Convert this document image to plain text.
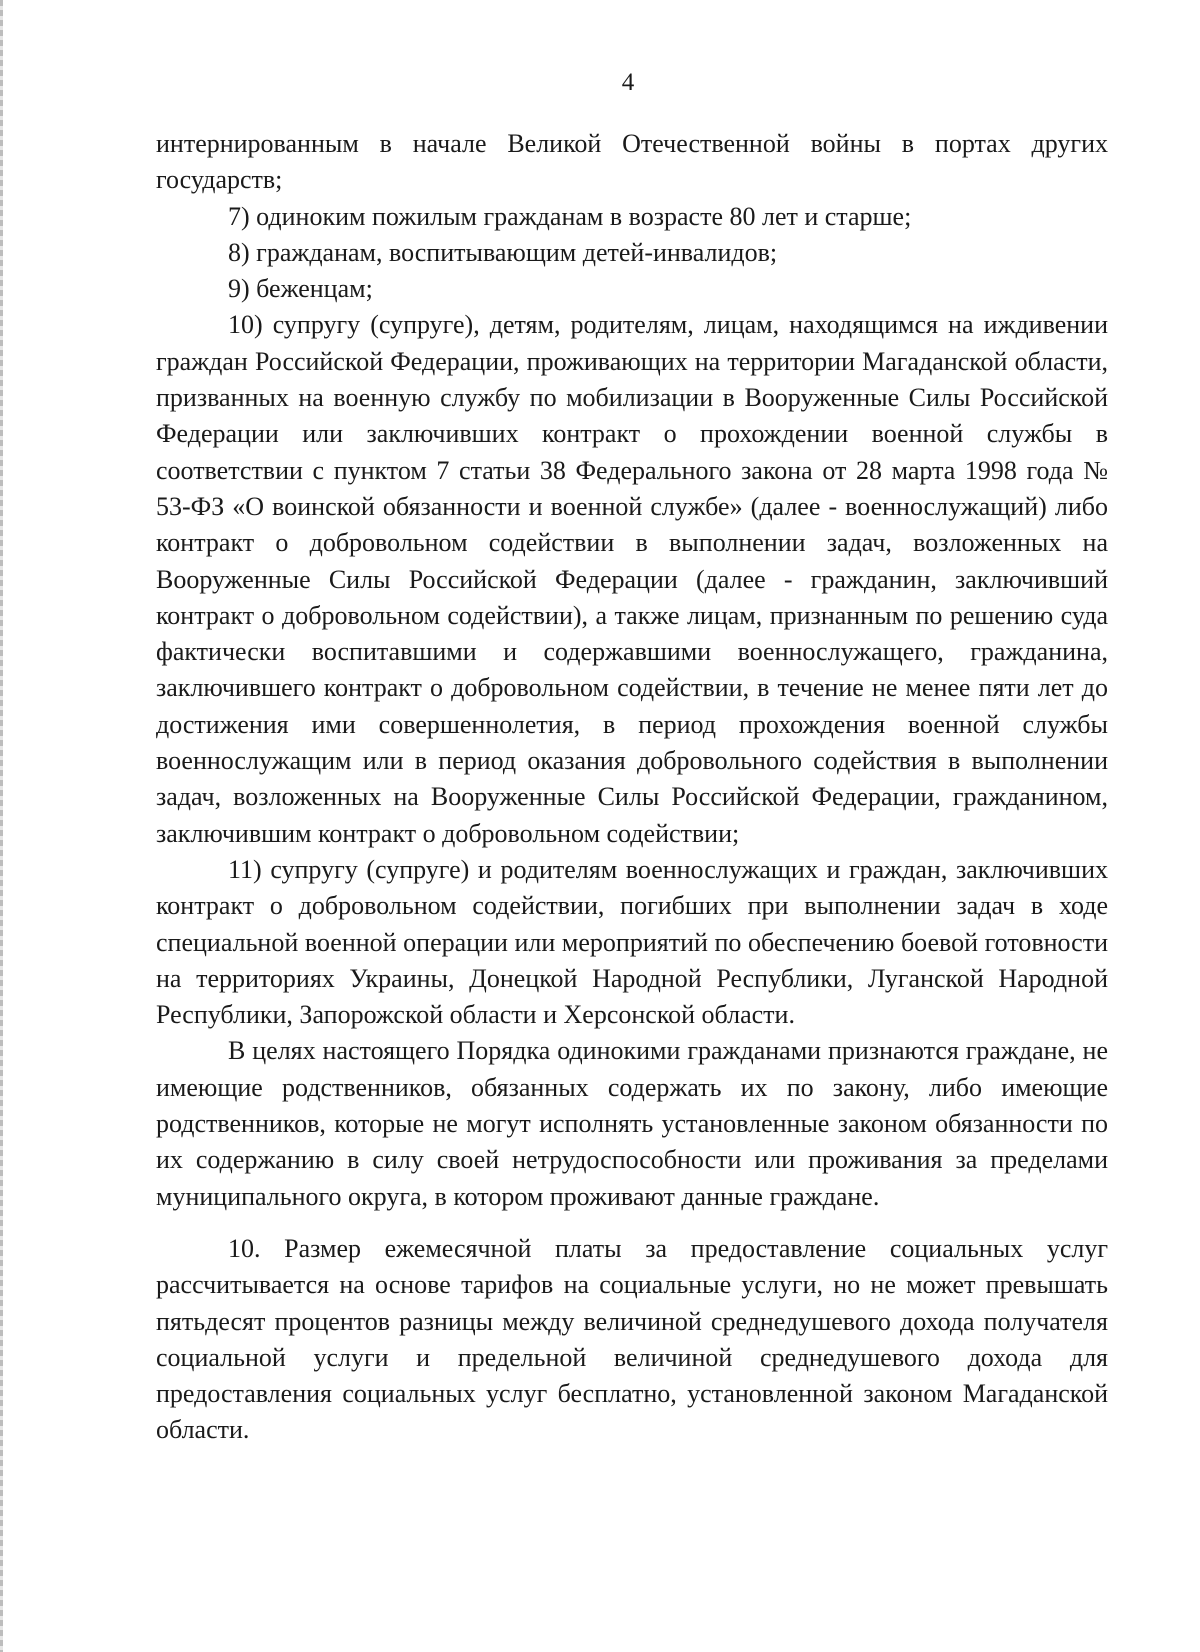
4

интернированным в начале Великой Отечественной войны в портах других государств;

7) одиноким пожилым гражданам в возрасте 80 лет и старше;

8) гражданам, воспитывающим детей-инвалидов;

9) беженцам;

10) супругу (супруге), детям, родителям, лицам, находящимся на иждивении граждан Российской Федерации, проживающих на территории Магаданской области, призванных на военную службу по мобилизации в Вооруженные Силы Российской Федерации или заключивших контракт о прохождении военной службы в соответствии с пунктом 7 статьи 38 Федерального закона от 28 марта 1998 года № 53-ФЗ «О воинской обязанности и военной службе» (далее - военнослужащий) либо контракт о добровольном содействии в выполнении задач, возложенных на Вооруженные Силы Российской Федерации (далее - гражданин, заключивший контракт о добровольном содействии), а также лицам, признанным по решению суда фактически воспитавшими и содержавшими военнослужащего, гражданина, заключившего контракт о добровольном содействии, в течение не менее пяти лет до достижения ими совершеннолетия, в период прохождения военной службы военнослужащим или в период оказания добровольного содействия в выполнении задач, возложенных на Вооруженные Силы Российской Федерации, гражданином, заключившим контракт о добровольном содействии;

11) супругу (супруге) и родителям военнослужащих и граждан, заключивших контракт о добровольном содействии, погибших при выполнении задач в ходе специальной военной операции или мероприятий по обеспечению боевой готовности на территориях Украины, Донецкой Народной Республики, Луганской Народной Республики, Запорожской области и Херсонской области.

В целях настоящего Порядка одинокими гражданами признаются граждане, не имеющие родственников, обязанных содержать их по закону, либо имеющие родственников, которые не могут исполнять установленные законом обязанности по их содержанию в силу своей нетрудоспособности или проживания за пределами муниципального округа, в котором проживают данные граждане.

10. Размер ежемесячной платы за предоставление социальных услуг рассчитывается на основе тарифов на социальные услуги, но не может превышать пятьдесят процентов разницы между величиной среднедушевого дохода получателя социальной услуги и предельной величиной среднедушевого дохода для предоставления социальных услуг бесплатно, установленной законом Магаданской области.
